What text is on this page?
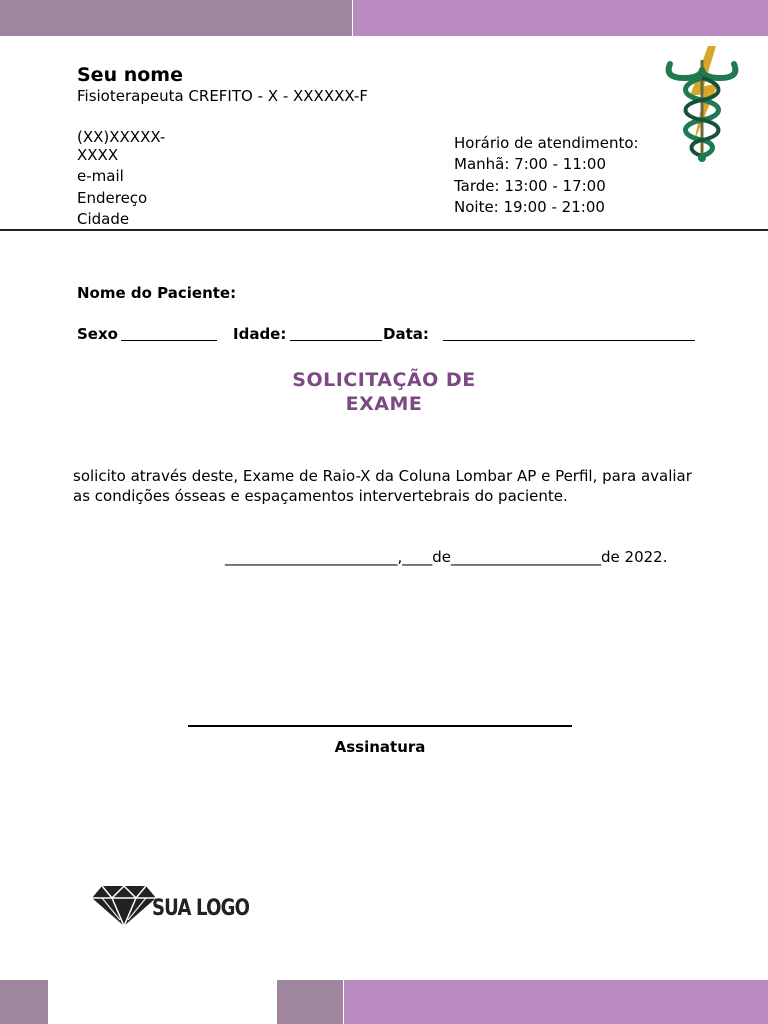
Seu nome
Fisioterapeuta CREFITO - X - XXXXXX-F
(XX)XXXXX-
XXXX
e-mail
Endereço
Cidade
Horário de atendimento:
Manhã: 7:00 - 11:00
Tarde: 13:00 - 17:00
Noite: 19:00 - 21:00
Nome do Paciente:
Sexo	Idade:	Data:
SOLICITAÇÃO DE
EXAME
solicito através deste, Exame de Raio-X da Coluna Lombar AP e Perfil, para avaliar as condições ósseas e espaçamentos intervertebrais do paciente.
_______________________,____de____________________de 2022.
Assinatura
SUA LOGO
